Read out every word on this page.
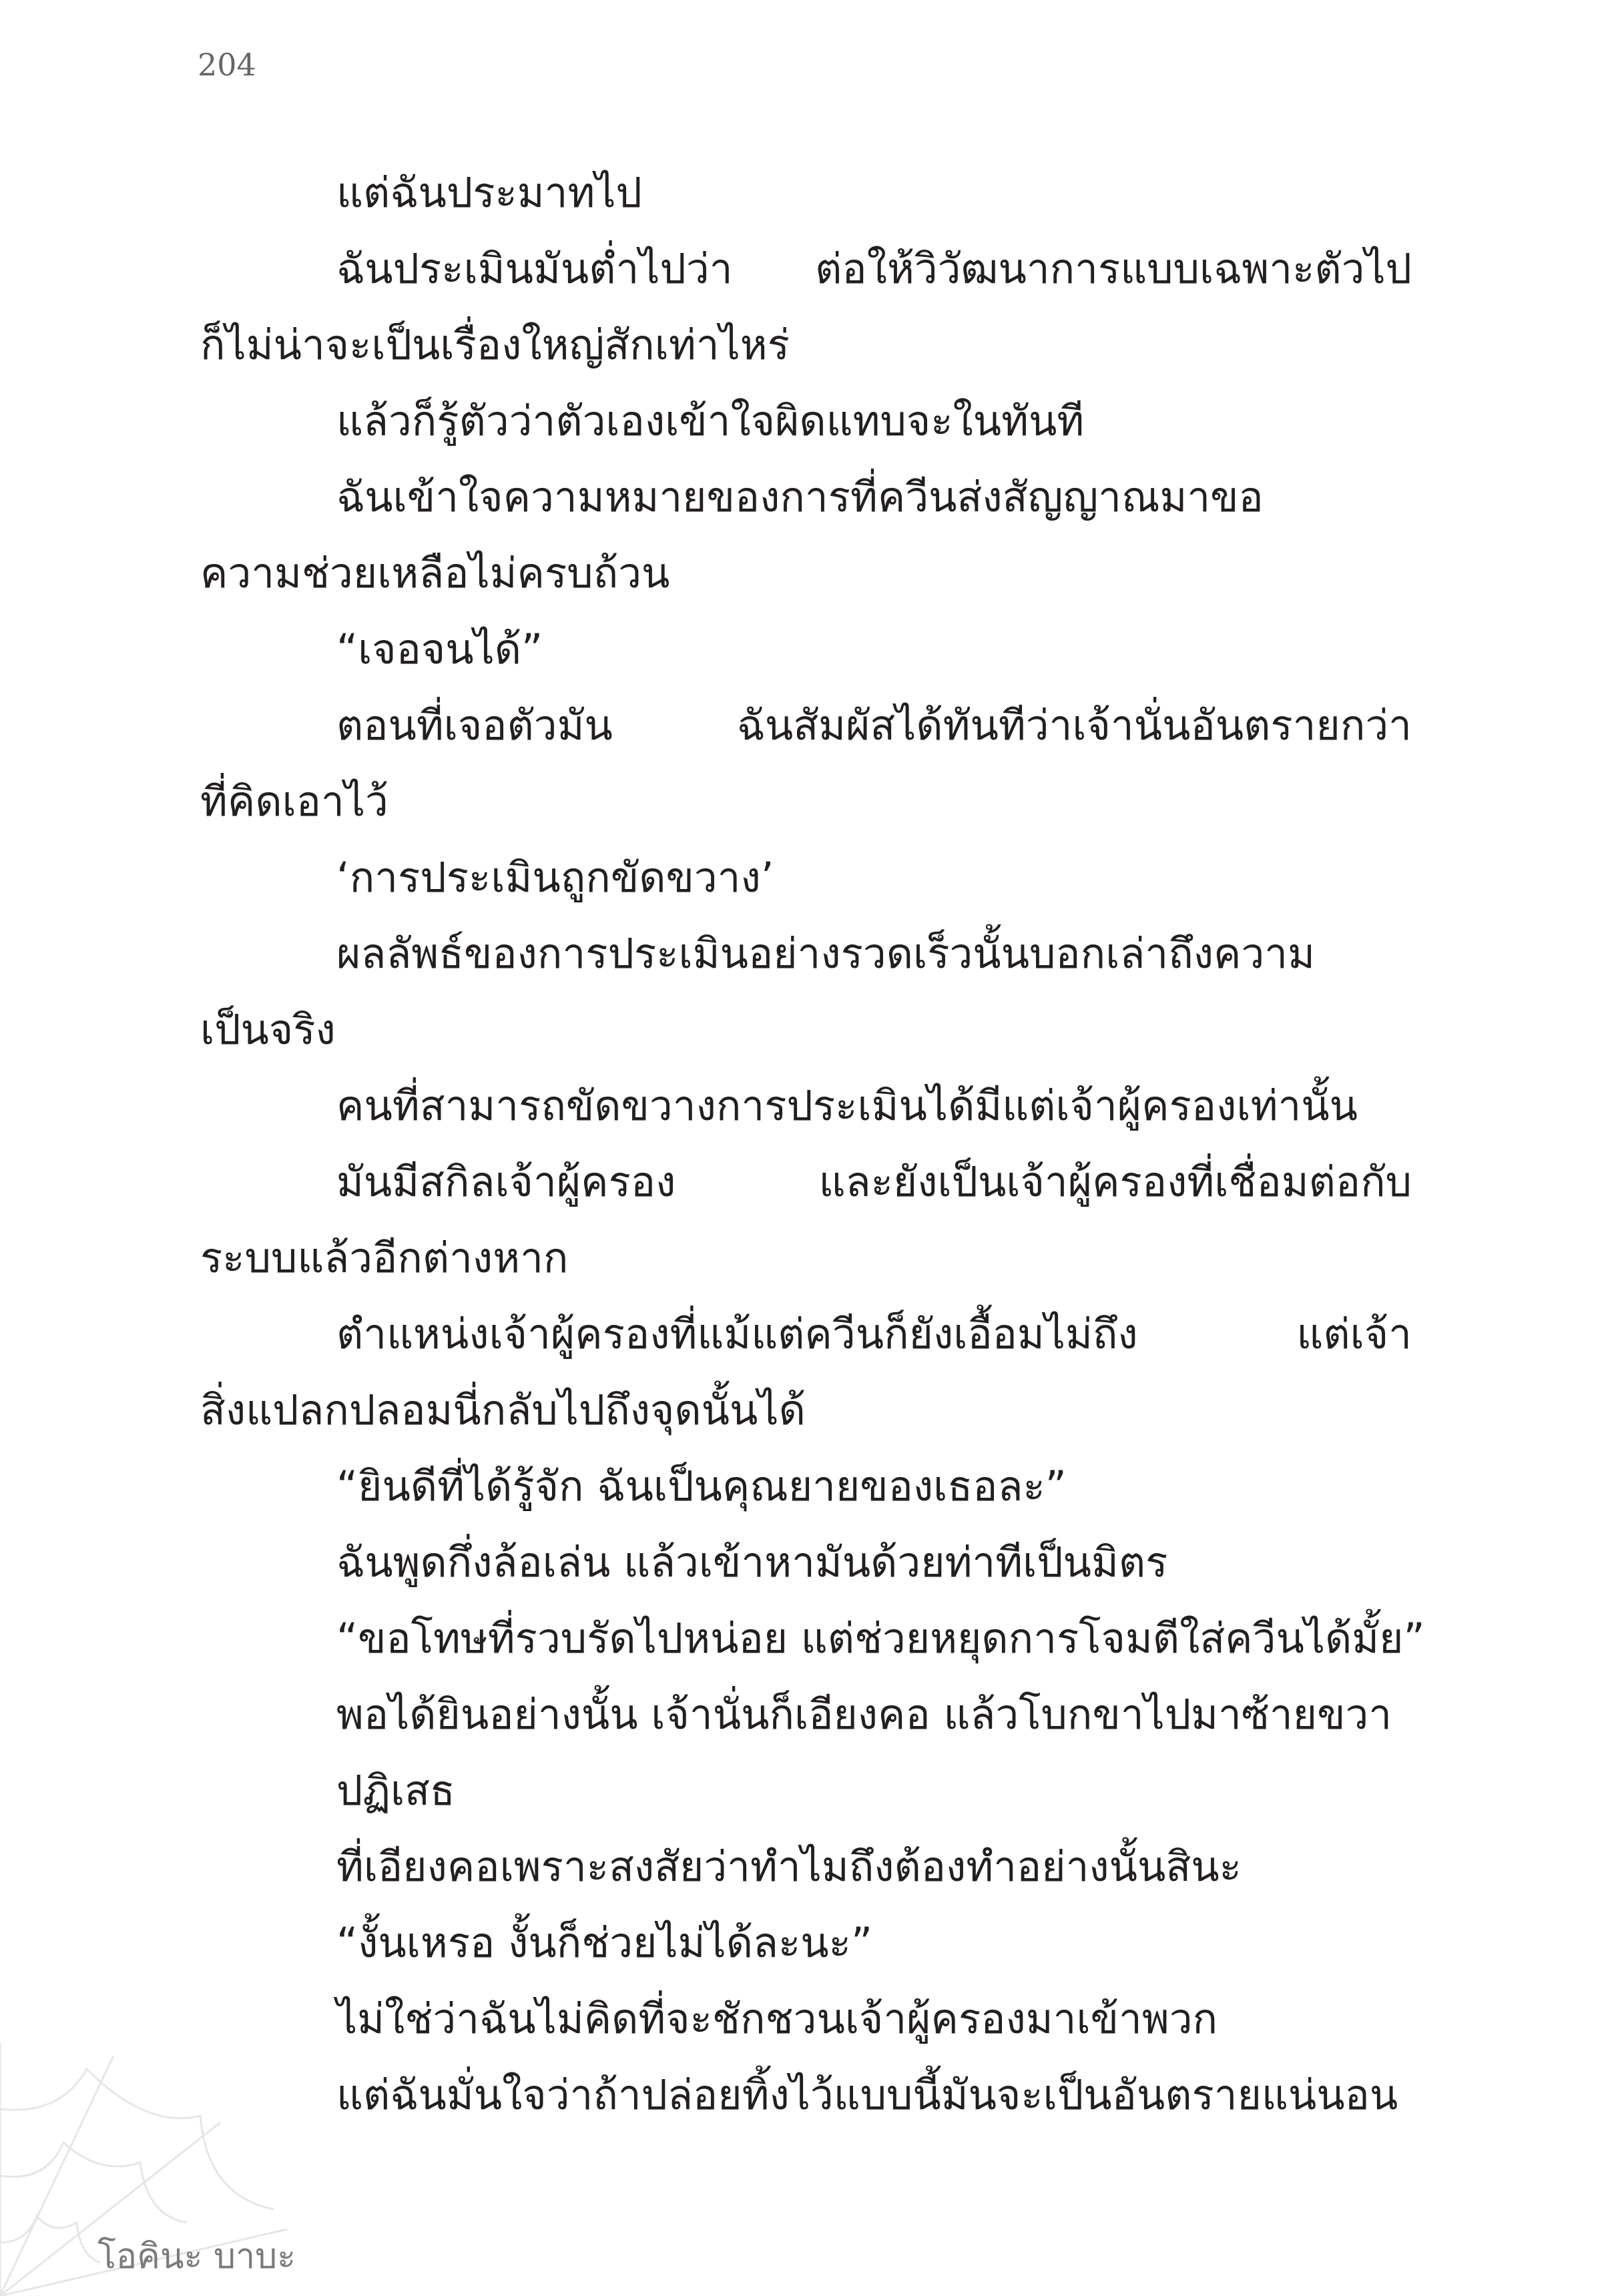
204

แต่ฉันประมาทไป

ฉันประเมินมันต่ำไปว่า ต่อให้วิวัฒนาการแบบเฉพาะตัวไป
ก็ไม่น่าจะเป็นเรื่องใหญ่สักเท่าไหร่

แล้วก็รู้ตัวว่าตัวเองเข้าใจผิดแทบจะในทันที

ฉันเข้าใจความหมายของการที่ควีนส่งสัญญาณมาขอ
ความช่วยเหลือไม่ครบถ้วน

“เจอจนได้”

ตอนที่เจอตัวมัน ฉันสัมผัสได้ทันทีว่าเจ้านั่นอันตรายกว่า
ที่คิดเอาไว้

‘การประเมินถูกขัดขวาง’

ผลลัพธ์ของการประเมินอย่างรวดเร็วนั้นบอกเล่าถึงความ
เป็นจริง

คนที่สามารถขัดขวางการประเมินได้มีแต่เจ้าผู้ครองเท่านั้น

มันมีสกิลเจ้าผู้ครอง และยังเป็นเจ้าผู้ครองที่เชื่อมต่อกับ
ระบบแล้วอีกต่างหาก

ตำแหน่งเจ้าผู้ครองที่แม้แต่ควีนก็ยังเอื้อมไม่ถึง แต่เจ้า
สิ่งแปลกปลอมนี่กลับไปถึงจุดนั้นได้

“ยินดีที่ได้รู้จัก ฉันเป็นคุณยายของเธอละ”

ฉันพูดกึ่งล้อเล่น แล้วเข้าหามันด้วยท่าทีเป็นมิตร

“ขอโทษที่รวบรัดไปหน่อย แต่ช่วยหยุดการโจมตีใส่ควีนได้มั้ย”

พอได้ยินอย่างนั้น เจ้านั่นก็เอียงคอ แล้วโบกขาไปมาซ้ายขวา

ปฏิเสธ

ที่เอียงคอเพราะสงสัยว่าทำไมถึงต้องทำอย่างนั้นสินะ

“งั้นเหรอ งั้นก็ช่วยไม่ได้ละนะ”

ไม่ใช่ว่าฉันไม่คิดที่จะชักชวนเจ้าผู้ครองมาเข้าพวก

แต่ฉันมั่นใจว่าถ้าปล่อยทิ้งไว้แบบนี้มันจะเป็นอันตรายแน่นอน

โอคินะ บาบะ
